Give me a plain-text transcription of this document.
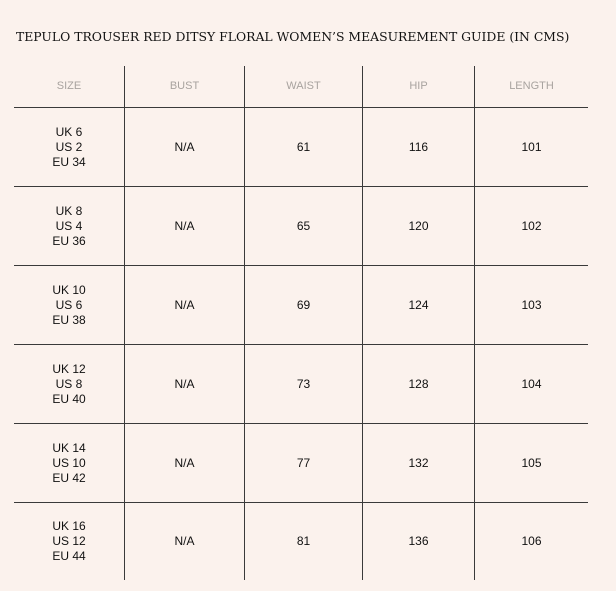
TEPULO TROUSER RED DITSY FLORAL WOMEN’S MEASUREMENT GUIDE (IN CMS)
SIZE	BUST	WAIST	HIP	LENGTH
UK 6
US 2
EU 34
N/A	61	116	101
UK 8
US 4
EU 36
N/A	65	120	102
UK 10
US 6
EU 38
N/A	69	124	103
UK 12
US 8
EU 40
N/A	73	128	104
UK 14
US 10
EU 42
N/A	77	132	105
UK 16
US 12
EU 44
N/A	81	136	106
